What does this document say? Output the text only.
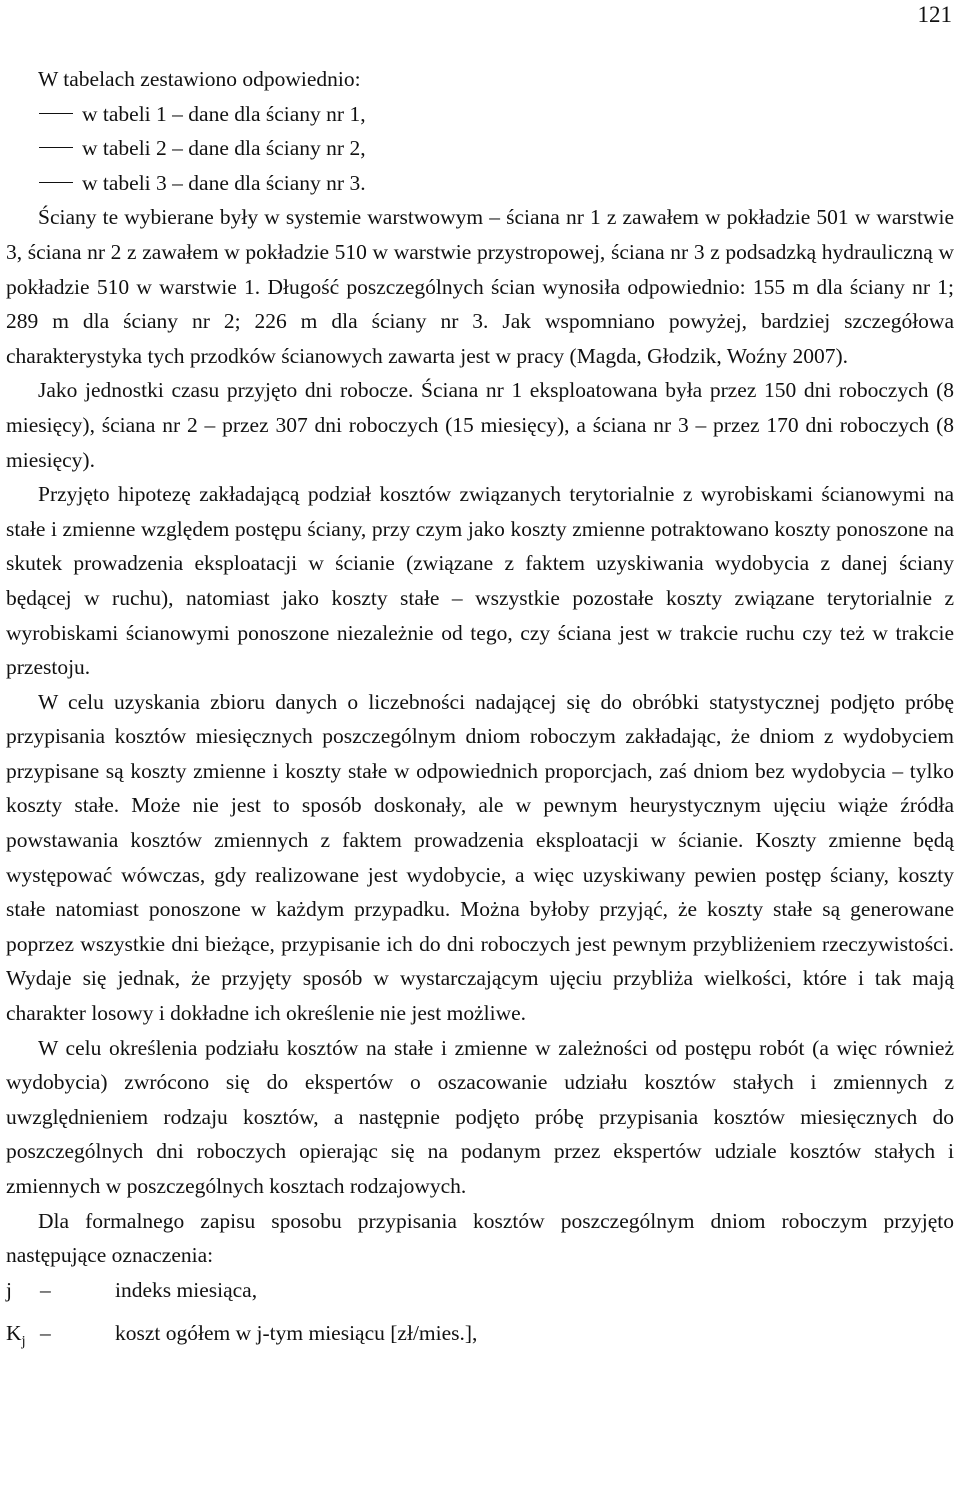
121

W tabelach zestawiono odpowiednio:

w tabeli 1 – dane dla ściany nr 1,
w tabeli 2 – dane dla ściany nr 2,
w tabeli 3 – dane dla ściany nr 3.

Ściany te wybierane były w systemie warstwowym – ściana nr 1 z zawałem w pokładzie 501 w warstwie 3, ściana nr 2 z zawałem w pokładzie 510 w warstwie przystropowej, ściana nr 3 z podsadzką hydrauliczną w pokładzie 510 w warstwie 1. Długość poszczególnych ścian wynosiła odpowiednio: 155 m dla ściany nr 1; 289 m dla ściany nr 2; 226 m dla ściany nr 3. Jak wspomniano powyżej, bardziej szczegółowa charakterystyka tych przodków ścianowych zawarta jest w pracy (Magda, Głodzik, Woźny 2007).

Jako jednostki czasu przyjęto dni robocze. Ściana nr 1 eksploatowana była przez 150 dni roboczych (8 miesięcy), ściana nr 2 – przez 307 dni roboczych (15 miesięcy), a ściana nr 3 – przez 170 dni roboczych (8 miesięcy).

Przyjęto hipotezę zakładającą podział kosztów związanych terytorialnie z wyrobiskami ścianowymi na stałe i zmienne względem postępu ściany, przy czym jako koszty zmienne potraktowano koszty ponoszone na skutek prowadzenia eksploatacji w ścianie (związane z faktem uzyskiwania wydobycia z danej ściany będącej w ruchu), natomiast jako koszty stałe – wszystkie pozostałe koszty związane terytorialnie z wyrobiskami ścianowymi ponoszone niezależnie od tego, czy ściana jest w trakcie ruchu czy też w trakcie przestoju.

W celu uzyskania zbioru danych o liczebności nadającej się do obróbki statystycznej podjęto próbę przypisania kosztów miesięcznych poszczególnym dniom roboczym zakładając, że dniom z wydobyciem przypisane są koszty zmienne i koszty stałe w odpowiednich proporcjach, zaś dniom bez wydobycia – tylko koszty stałe. Może nie jest to sposób doskonały, ale w pewnym heurystycznym ujęciu wiąże źródła powstawania kosztów zmiennych z faktem prowadzenia eksploatacji w ścianie. Koszty zmienne będą występować wówczas, gdy realizowane jest wydobycie, a więc uzyskiwany pewien postęp ściany, koszty stałe natomiast ponoszone w każdym przypadku. Można byłoby przyjąć, że koszty stałe są generowane poprzez wszystkie dni bieżące, przypisanie ich do dni roboczych jest pewnym przybliżeniem rzeczywistości. Wydaje się jednak, że przyjęty sposób w wystarczającym ujęciu przybliża wielkości, które i tak mają charakter losowy i dokładne ich określenie nie jest możliwe.

W celu określenia podziału kosztów na stałe i zmienne w zależności od postępu robót (a więc również wydobycia) zwrócono się do ekspertów o oszacowanie udziału kosztów stałych i zmiennych z uwzględnieniem rodzaju kosztów, a następnie podjęto próbę przypisania kosztów miesięcznych do poszczególnych dni roboczych opierając się na podanym przez ekspertów udziale kosztów stałych i zmiennych w poszczególnych kosztach rodzajowych.

Dla formalnego zapisu sposobu przypisania kosztów poszczególnym dniom roboczym przyjęto następujące oznaczenia:

j	–	indeks miesiąca,
$K_j$ –	koszt ogółem w j-tym miesiącu [zł/mies.],
